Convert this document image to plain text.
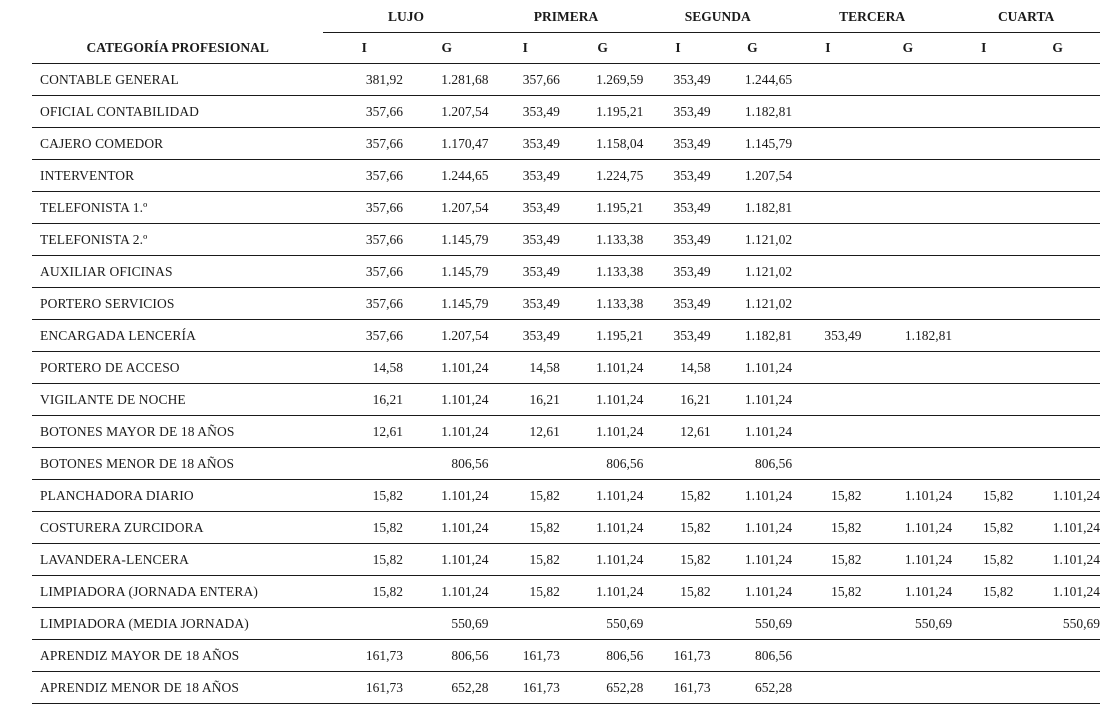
	LUJO		PRIMERA		SEGUNDA		TERCERA		CUARTA	
CATEGORÍA PROFESIONAL	I	G	I	G	I	G	I	G	I	G
CONTABLE GENERAL	381,92	1.281,68	357,66	1.269,59	353,49	1.244,65				
OFICIAL CONTABILIDAD	357,66	1.207,54	353,49	1.195,21	353,49	1.182,81				
CAJERO COMEDOR	357,66	1.170,47	353,49	1.158,04	353,49	1.145,79				
INTERVENTOR	357,66	1.244,65	353,49	1.224,75	353,49	1.207,54				
TELEFONISTA 1.º	357,66	1.207,54	353,49	1.195,21	353,49	1.182,81				
TELEFONISTA 2.º	357,66	1.145,79	353,49	1.133,38	353,49	1.121,02				
AUXILIAR OFICINAS	357,66	1.145,79	353,49	1.133,38	353,49	1.121,02				
PORTERO SERVICIOS	357,66	1.145,79	353,49	1.133,38	353,49	1.121,02				
ENCARGADA LENCERÍA	357,66	1.207,54	353,49	1.195,21	353,49	1.182,81	353,49	1.182,81		
PORTERO DE ACCESO	14,58	1.101,24	14,58	1.101,24	14,58	1.101,24				
VIGILANTE DE NOCHE	16,21	1.101,24	16,21	1.101,24	16,21	1.101,24				
BOTONES MAYOR DE 18 AÑOS	12,61	1.101,24	12,61	1.101,24	12,61	1.101,24				
BOTONES MENOR DE 18 AÑOS		806,56		806,56		806,56				
PLANCHADORA DIARIO	15,82	1.101,24	15,82	1.101,24	15,82	1.101,24	15,82	1.101,24	15,82	1.101,24
COSTURERA ZURCIDORA	15,82	1.101,24	15,82	1.101,24	15,82	1.101,24	15,82	1.101,24	15,82	1.101,24
LAVANDERA-LENCERA	15,82	1.101,24	15,82	1.101,24	15,82	1.101,24	15,82	1.101,24	15,82	1.101,24
LIMPIADORA (JORNADA ENTERA)	15,82	1.101,24	15,82	1.101,24	15,82	1.101,24	15,82	1.101,24	15,82	1.101,24
LIMPIADORA (MEDIA JORNADA)		550,69		550,69		550,69		550,69		550,69
APRENDIZ MAYOR DE 18 AÑOS	161,73	806,56	161,73	806,56	161,73	806,56				
APRENDIZ MENOR DE 18 AÑOS	161,73	652,28	161,73	652,28	161,73	652,28				
